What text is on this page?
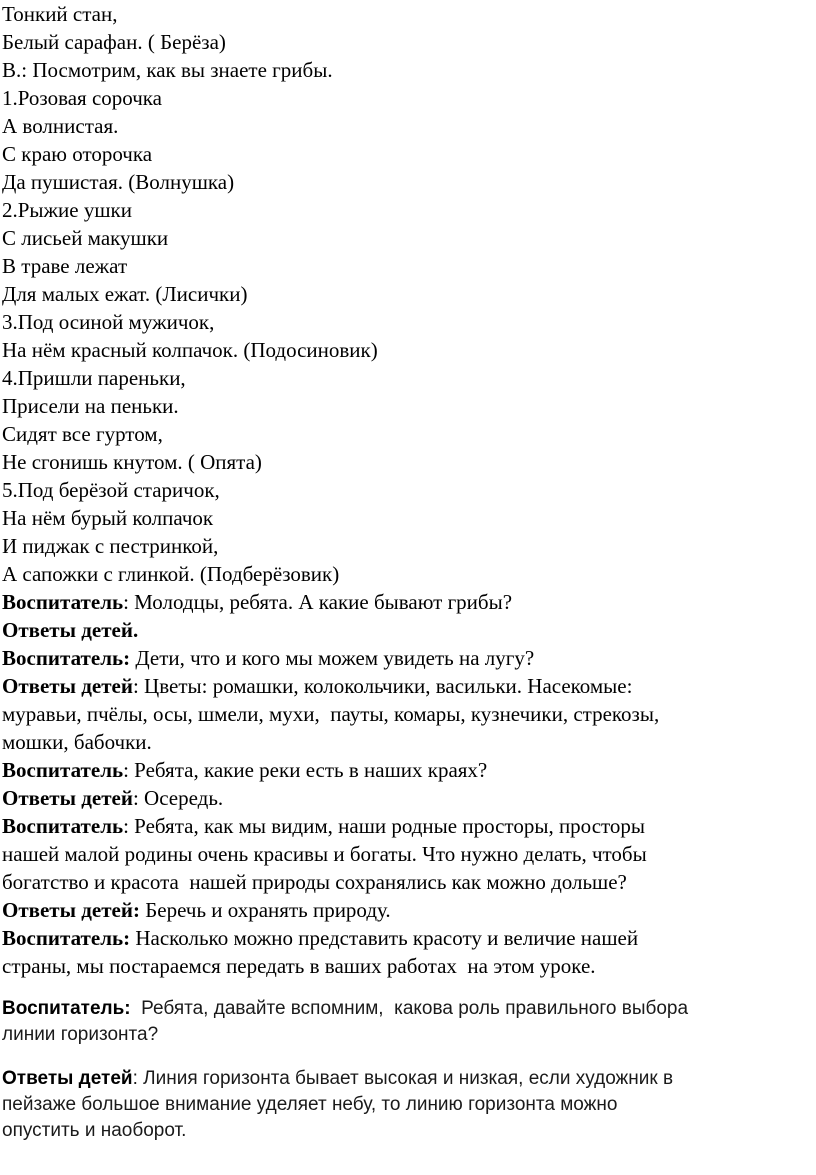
Тонкий стан,
Белый сарафан. ( Берёза)
В.: Посмотрим, как вы знаете грибы.
1.Розовая сорочка
А волнистая.
С краю оторочка
Да пушистая. (Волнушка)
2.Рыжие ушки
С лисьей макушки
В траве лежат
Для малых ежат. (Лисички)
3.Под осиной мужичок,
На нём красный колпачок. (Подосиновик)
4.Пришли пареньки,
Присели на пеньки.
Сидят все гуртом,
Не сгонишь кнутом. ( Опята)
5.Под берёзой старичок,
На нём бурый колпачок
И пиджак с пестринкой,
А сапожки с глинкой. (Подберёзовик)
Воспитатель: Молодцы, ребята. А какие бывают грибы?
Ответы детей.
Воспитатель: Дети, что и кого мы можем увидеть на лугу?
Ответы детей: Цветы: ромашки, колокольчики, васильки. Насекомые:
муравьи, пчёлы, осы, шмели, мухи,  пауты, комары, кузнечики, стрекозы,
мошки, бабочки.
Воспитатель: Ребята, какие реки есть в наших краях?
Ответы детей: Осередь.
Воспитатель: Ребята, как мы видим, наши родные просторы, просторы
нашей малой родины очень красивы и богаты. Что нужно делать, чтобы
богатство и красота  нашей природы сохранялись как можно дольше?
Ответы детей: Беречь и охранять природу.
Воспитатель: Насколько можно представить красоту и величие нашей
страны, мы постараемся передать в ваших работах  на этом уроке.
Воспитатель:  Ребята, давайте вспомним,  какова роль правильного выбора
линии горизонта?
Ответы детей: Линия горизонта бывает высокая и низкая, если художник в
пейзаже большое внимание уделяет небу, то линию горизонта можно
опустить и наоборот.
